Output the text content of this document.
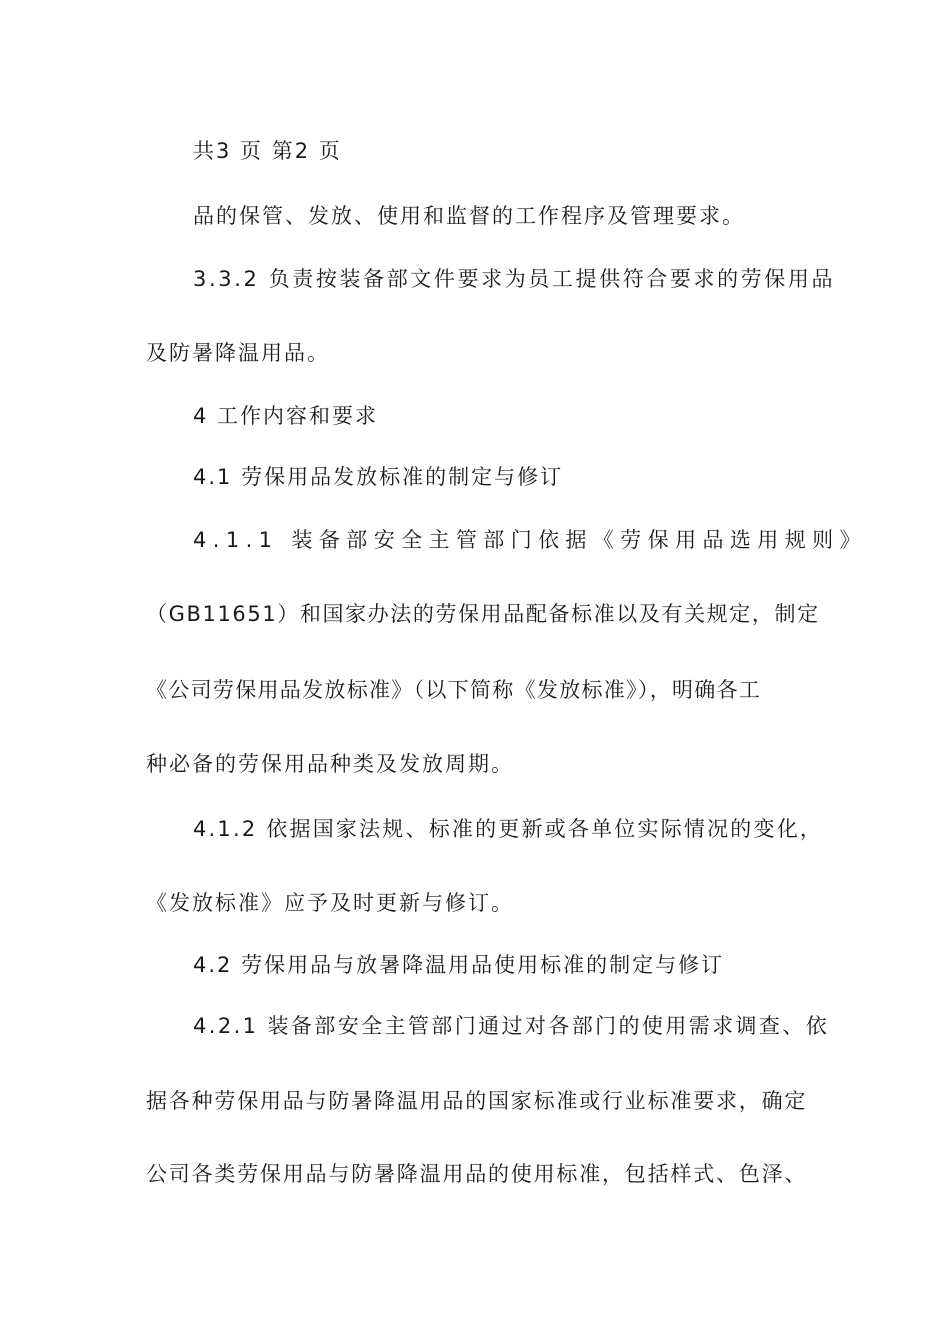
共3 页 第2 页
品的保管、发放、使用和监督的工作程序及管理要求。
3.3.2 负责按装备部文件要求为员工提供符合要求的劳保用品
及防暑降温用品。
4 工作内容和要求
4.1 劳保用品发放标准的制定与修订
4.1.1 装备部安全主管部门依据《劳保用品选用规则》
（GB11651）和国家办法的劳保用品配备标准以及有关规定，制定
《公司劳保用品发放标准》（以下简称《发放标准》），明确各工
种必备的劳保用品种类及发放周期。
4.1.2 依据国家法规、标准的更新或各单位实际情况的变化，
《发放标准》应予及时更新与修订。
4.2 劳保用品与放暑降温用品使用标准的制定与修订
4.2.1 装备部安全主管部门通过对各部门的使用需求调查、依
据各种劳保用品与防暑降温用品的国家标准或行业标准要求，确定
公司各类劳保用品与防暑降温用品的使用标准，包括样式、色泽、
